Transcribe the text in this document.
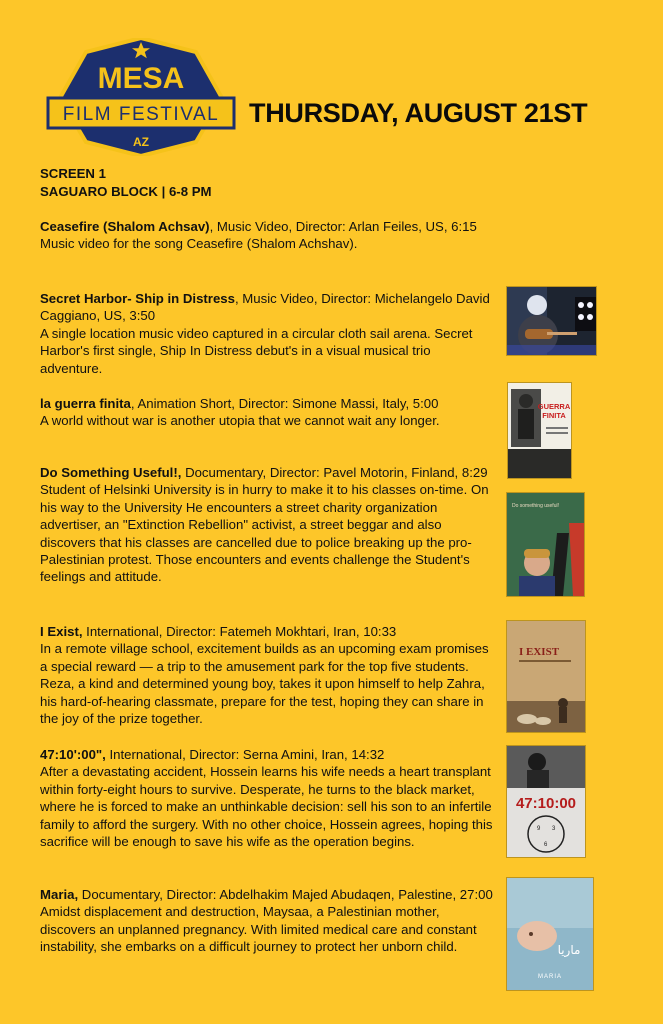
MESA
FILM FESTIVAL
AZ
THURSDAY, AUGUST 21ST
SCREEN 1
SAGUARO BLOCK | 6-8 PM

Ceasefire (Shalom Achsav), Music Video, Director: Arlan Feiles, US, 6:15

Music video for the song Ceasefire (Shalom Achshav).

Secret Harbor- Ship in Distress, Music Video, Director: Michelangelo David Caggiano, US, 3:50

A single location music video captured in a circular cloth sail arena. Secret Harbor's first single, Ship In Distress debut's in a visual musical trio adventure.

la guerra finita, Animation Short, Director: Simone Massi, Italy, 5:00

A world without war is another utopia that we cannot wait any longer.

GUERRA
FINITA

Do Something Useful!, Documentary, Director: Pavel Motorin, Finland, 8:29

Student of Helsinki University is in hurry to make it to his classes on-time. On his way to the University He encounters a street charity organization advertiser, an "Extinction Rebellion" activist, a street beggar and also discovers that his classes are cancelled due to police breaking up the pro-Palestinian protest. Those encounters and events challenge the Student's feelings and attitude.

Do something useful!

I Exist, International, Director: Fatemeh Mokhtari, Iran, 10:33

In a remote village school, excitement builds as an upcoming exam promises a special reward — a trip to the amusement park for the top five students. Reza, a kind and determined young boy, takes it upon himself to help Zahra, his hard-of-hearing classmate, prepare for the test, hoping they can share in the joy of the prize together.

I EXIST

47:10':00", International, Director: Serna Amini, Iran, 14:32

After a devastating accident, Hossein learns his wife needs a heart transplant within forty-eight hours to survive. Desperate, he turns to the black market, where he is forced to make an unthinkable decision: sell his son to an infertile family to afford the surgery. With no other choice, Hossein agrees, hoping this sacrifice will be enough to save his wife as the operation begins.

47:10:00
9 3
6

Maria, Documentary, Director: Abdelhakim Majed Abudaqen, Palestine, 27:00

Amidst displacement and destruction, Maysaa, a Palestinian mother, discovers an unplanned pregnancy. With limited medical care and constant instability, she embarks on a difficult journey to protect her unborn child.	ماريا
MARIA
